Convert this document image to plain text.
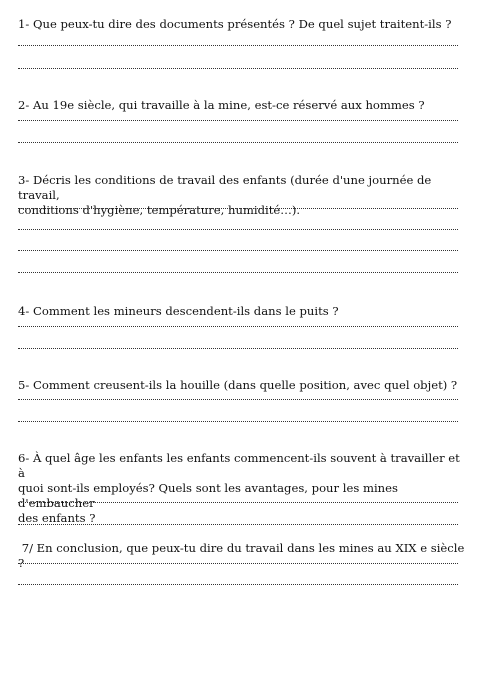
1- Que peux-tu dire des documents présentés ? De quel sujet traitent-ils ?

2- Au 19e siècle, qui travaille à la mine, est-ce réservé aux hommes ?

3- Décris les conditions de travail des enfants (durée d'une journée de travail,
conditions d'hygiène, température, humidité…).

4- Comment les mineurs descendent-ils dans le puits ?

5- Comment creusent-ils la houille (dans quelle position, avec quel objet) ?

6- À quel âge les enfants les enfants commencent-ils souvent à travailler et à
quoi sont-ils employés? Quels sont les avantages, pour les mines d'embaucher
des enfants ?

7/ En conclusion, que peux-tu dire du travail dans les mines au XIX e siècle ?
